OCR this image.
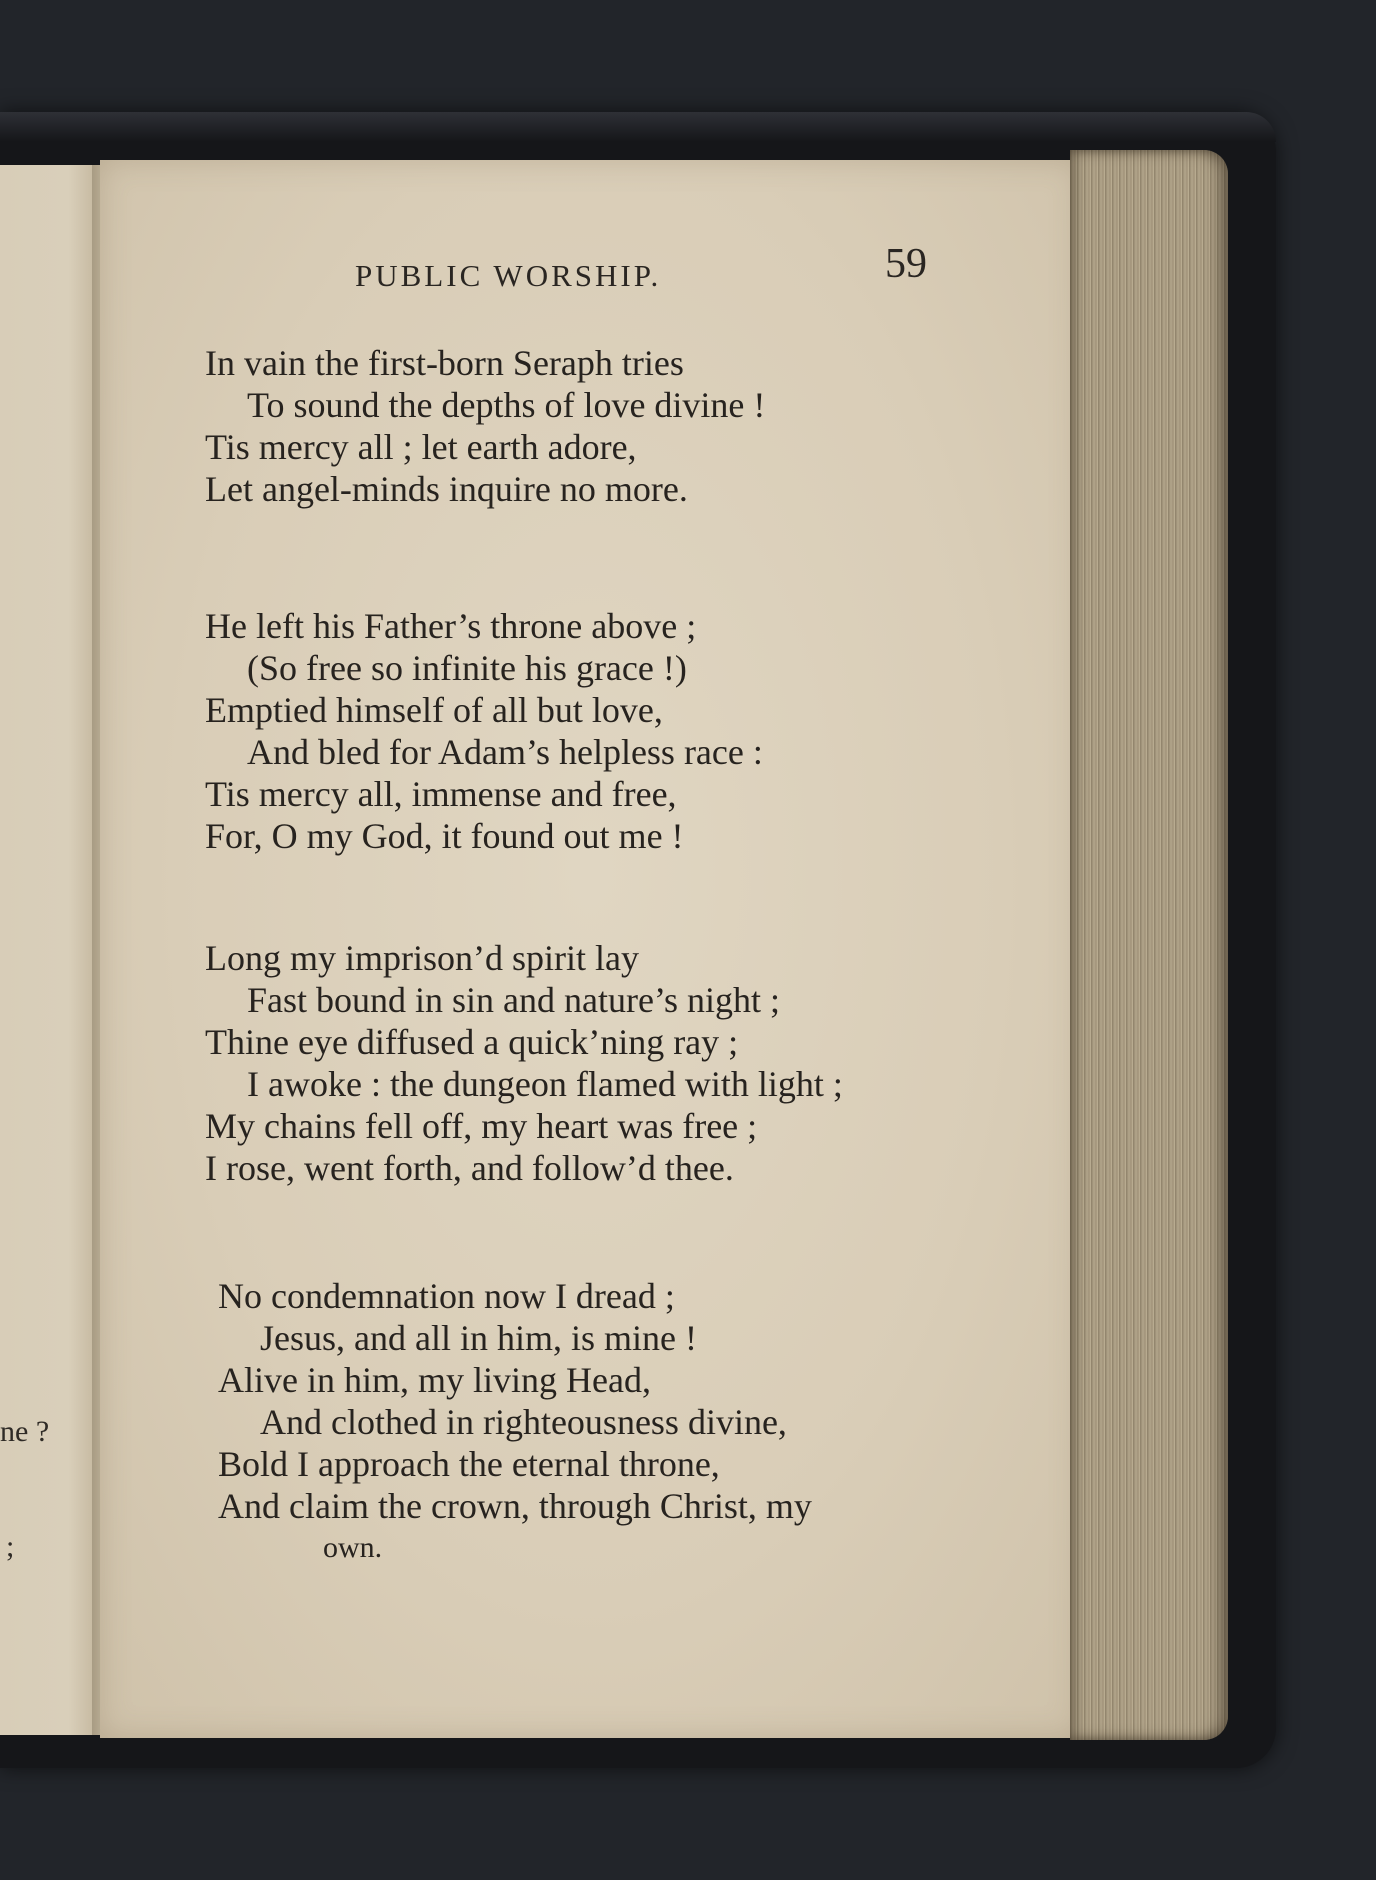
ne ?
;
PUBLIC WORSHIP.	59
In vain the first-born Seraph tries
To sound the depths of love divine !
Tis mercy all ; let earth adore,
Let angel-minds inquire no more.
He left his Father’s throne above ;
(So free so infinite his grace !)
Emptied himself of all but love,
And bled for Adam’s helpless race :
Tis mercy all, immense and free,
For, O my God, it found out me !
Long my imprison’d spirit lay
Fast bound in sin and nature’s night ;
Thine eye diffused a quick’ning ray ;
I awoke : the dungeon flamed with light ;
My chains fell off, my heart was free ;
I rose, went forth, and follow’d thee.
No condemnation now I dread ;
Jesus, and all in him, is mine !
Alive in him, my living Head,
And clothed in righteousness divine,
Bold I approach the eternal throne,
And claim the crown, through Christ, my
own.
